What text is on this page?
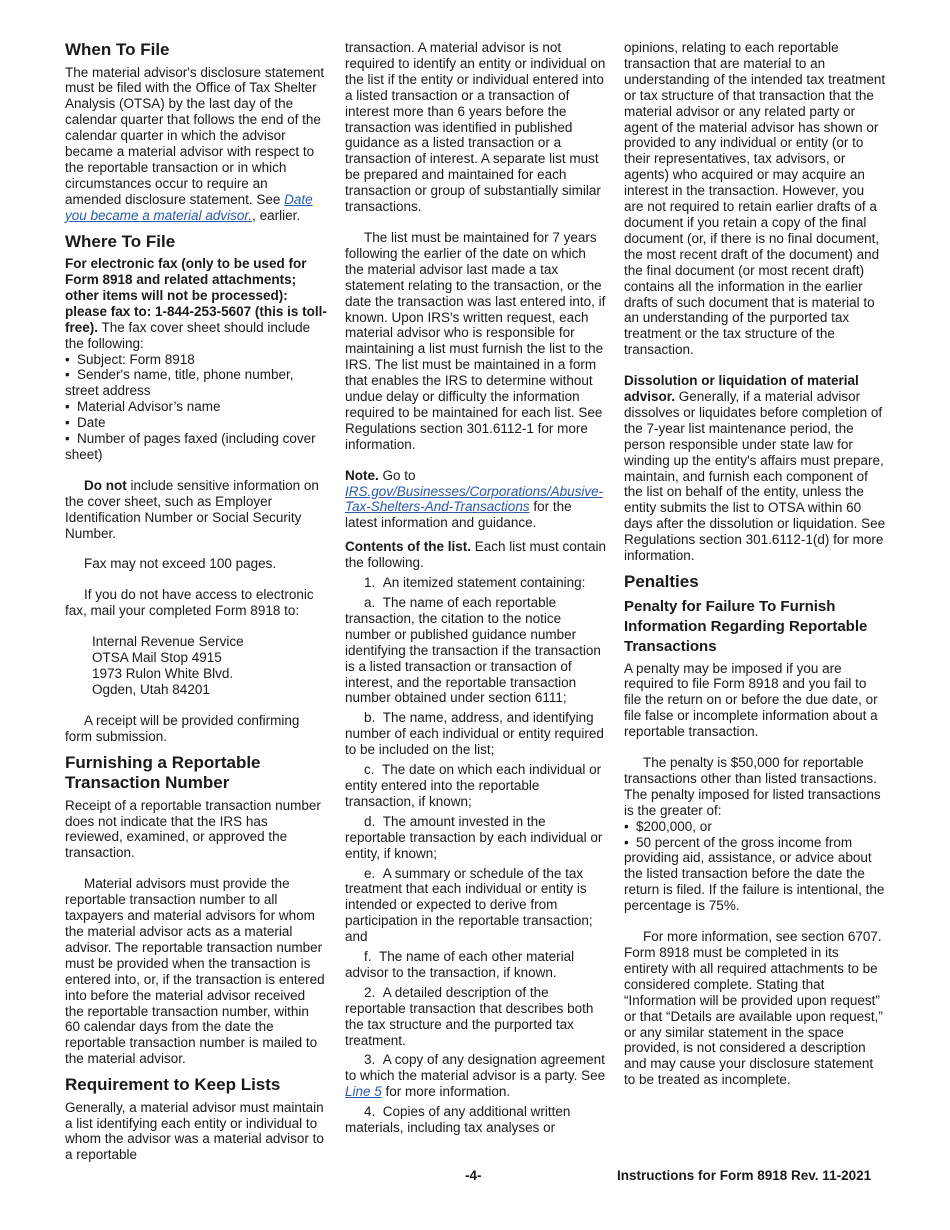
When To File

The material advisor's disclosure statement must be filed with the Office of Tax Shelter Analysis (OTSA) by the last day of the calendar quarter that follows the end of the calendar quarter in which the advisor became a material advisor with respect to the reportable transaction or in which circumstances occur to require an amended disclosure statement. See Date you became a material advisor., earlier.

Where To File

For electronic fax (only to be used for Form 8918 and related attachments; other items will not be processed): please fax to: 1-844-253-5607 (this is toll-free). The fax cover sheet should include the following:

• Subject: Form 8918

• Sender's name, title, phone number, street address

• Material Advisor’s name

• Date

• Number of pages faxed (including cover sheet)

Do not include sensitive information on the cover sheet, such as Employer Identification Number or Social Security Number.

Fax may not exceed 100 pages.

If you do not have access to electronic fax, mail your completed Form 8918 to:

Internal Revenue Service

OTSA Mail Stop 4915

1973 Rulon White Blvd.

Ogden, Utah 84201

A receipt will be provided confirming form submission.

Furnishing a Reportable Transaction Number

Receipt of a reportable transaction number does not indicate that the IRS has reviewed, examined, or approved the transaction.

Material advisors must provide the reportable transaction number to all taxpayers and material advisors for whom the material advisor acts as a material advisor. The reportable transaction number must be provided when the transaction is entered into, or, if the transaction is entered into before the material advisor received the reportable transaction number, within 60 calendar days from the date the reportable transaction number is mailed to the material advisor.

Requirement to Keep Lists

Generally, a material advisor must maintain a list identifying each entity or individual to whom the advisor was a material advisor to a reportable

transaction. A material advisor is not required to identify an entity or individual on the list if the entity or individual entered into a listed transaction or a transaction of interest more than 6 years before the transaction was identified in published guidance as a listed transaction or a transaction of interest. A separate list must be prepared and maintained for each transaction or group of substantially similar transactions.

The list must be maintained for 7 years following the earlier of the date on which the material advisor last made a tax statement relating to the transaction, or the date the transaction was last entered into, if known. Upon IRS's written request, each material advisor who is responsible for maintaining a list must furnish the list to the IRS. The list must be maintained in a form that enables the IRS to determine without undue delay or difficulty the information required to be maintained for each list. See Regulations section 301.6112-1 for more information.

Note. Go to IRS.gov/Businesses/Corporations/Abusive-Tax-Shelters-And-Transactions for the latest information and guidance.

Contents of the list. Each list must contain the following.

1.  An itemized statement containing:

a.  The name of each reportable transaction, the citation to the notice number or published guidance number identifying the transaction if the transaction is a listed transaction or transaction of interest, and the reportable transaction number obtained under section 6111;

b.  The name, address, and identifying number of each individual or entity required to be included on the list;

c.  The date on which each individual or entity entered into the reportable transaction, if known;

d.  The amount invested in the reportable transaction by each individual or entity, if known;

e.  A summary or schedule of the tax treatment that each individual or entity is intended or expected to derive from participation in the reportable transaction; and

f.  The name of each other material advisor to the transaction, if known.

2.  A detailed description of the reportable transaction that describes both the tax structure and the purported tax treatment.

3.  A copy of any designation agreement to which the material advisor is a party. See Line 5 for more information.

4.  Copies of any additional written materials, including tax analyses or

opinions, relating to each reportable transaction that are material to an understanding of the intended tax treatment or tax structure of that transaction that the material advisor or any related party or agent of the material advisor has shown or provided to any individual or entity (or to their representatives, tax advisors, or agents) who acquired or may acquire an interest in the transaction. However, you are not required to retain earlier drafts of a document if you retain a copy of the final document (or, if there is no final document, the most recent draft of the document) and the final document (or most recent draft) contains all the information in the earlier drafts of such document that is material to an understanding of the purported tax treatment or the tax structure of the transaction.

Dissolution or liquidation of material advisor. Generally, if a material advisor dissolves or liquidates before completion of the 7-year list maintenance period, the person responsible under state law for winding up the entity's affairs must prepare, maintain, and furnish each component of the list on behalf of the entity, unless the entity submits the list to OTSA within 60 days after the dissolution or liquidation. See Regulations section 301.6112-1(d) for more information.

Penalties
Penalty for Failure To Furnish Information Regarding Reportable Transactions

A penalty may be imposed if you are required to file Form 8918 and you fail to file the return on or before the due date, or file false or incomplete information about a reportable transaction.

The penalty is $50,000 for reportable transactions other than listed transactions. The penalty imposed for listed transactions is the greater of:

• $200,000, or

• 50 percent of the gross income from providing aid, assistance, or advice about the listed transaction before the date the return is filed. If the failure is intentional, the percentage is 75%.

For more information, see section 6707. Form 8918 must be completed in its entirety with all required attachments to be considered complete. Stating that “Information will be provided upon request” or that “Details are available upon request,” or any similar statement in the space provided, is not considered a description and may cause your disclosure statement to be treated as incomplete.

-4-	Instructions for Form 8918 Rev. 11-2021
